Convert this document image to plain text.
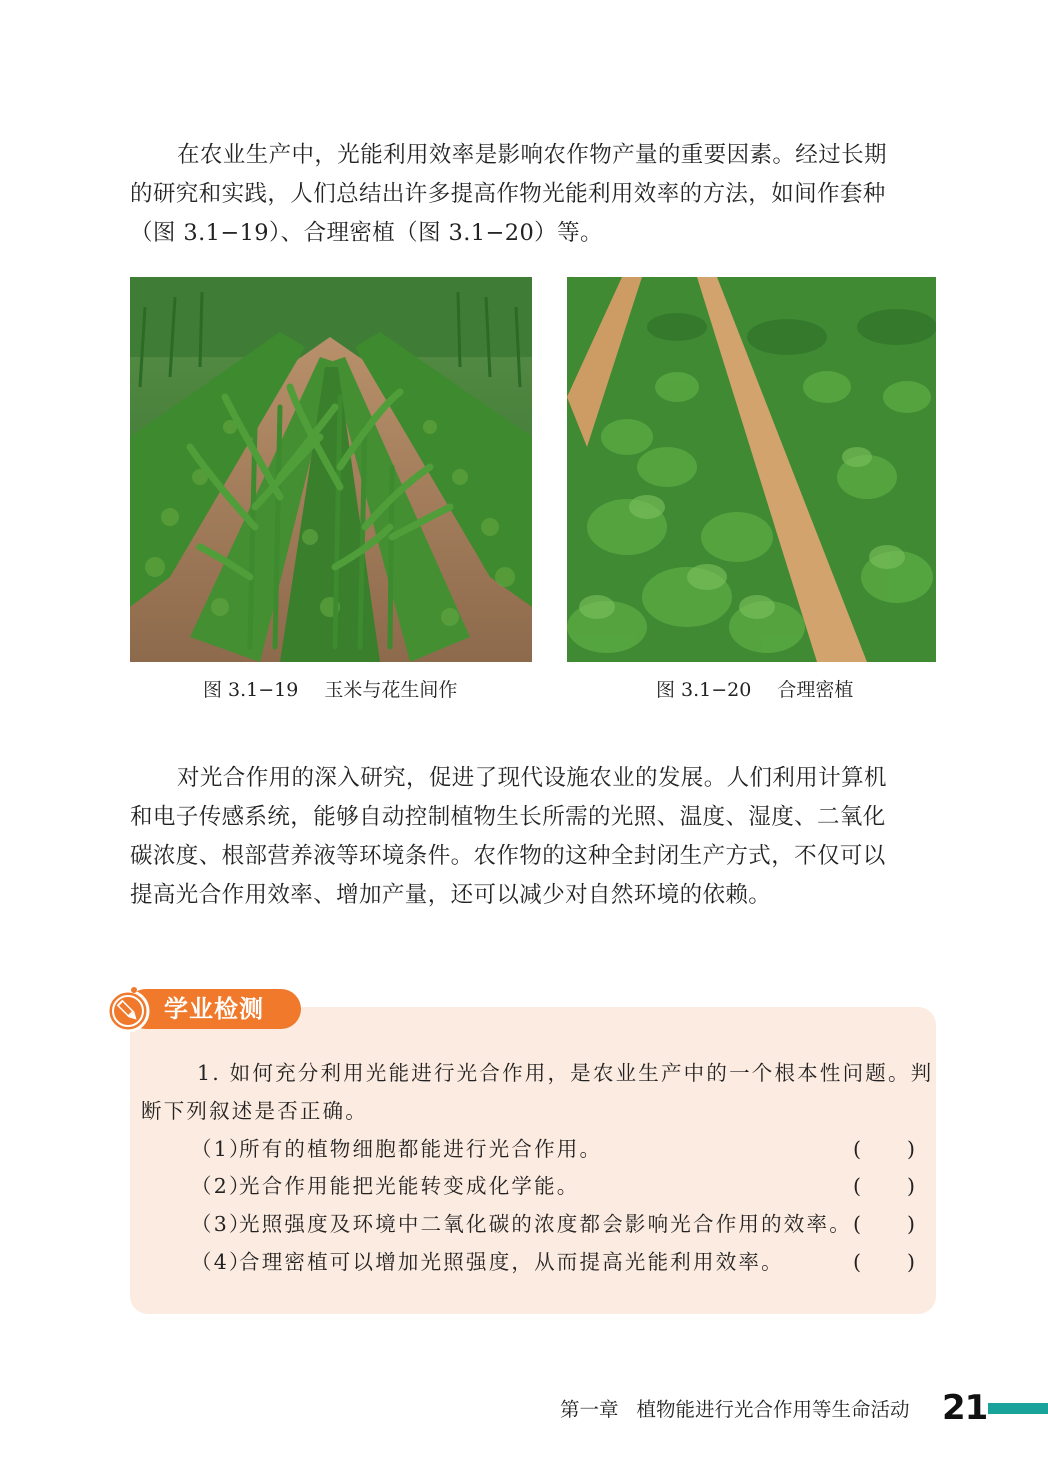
在农业生产中，光能利用效率是影响农作物产量的重要因素。经过长期
的研究和实践，人们总结出许多提高作物光能利用效率的方法，如间作套种
（图 3.1−19）、合理密植（图 3.1−20）等。
图 3.1−19 玉米与花生间作	图 3.1−20 合理密植
对光合作用的深入研究，促进了现代设施农业的发展。人们利用计算机
和电子传感系统，能够自动控制植物生长所需的光照、温度、湿度、二氧化
碳浓度、根部营养液等环境条件。农作物的这种全封闭生产方式，不仅可以
提高光合作用效率、增加产量，还可以减少对自然环境的依赖。
学业检测
1. 如何充分利用光能进行光合作用，是农业生产中的一个根本性问题。判
断下列叙述是否正确。
（1）所有的植物细胞都能进行光合作用。	( )
（2）光合作用能把光能转变成化学能。	( )
（3）光照强度及环境中二氧化碳的浓度都会影响光合作用的效率。 ( )
（4）合理密植可以增加光照强度，从而提高光能利用效率。	( )
第一章 植物能进行光合作用等生命活动 21
